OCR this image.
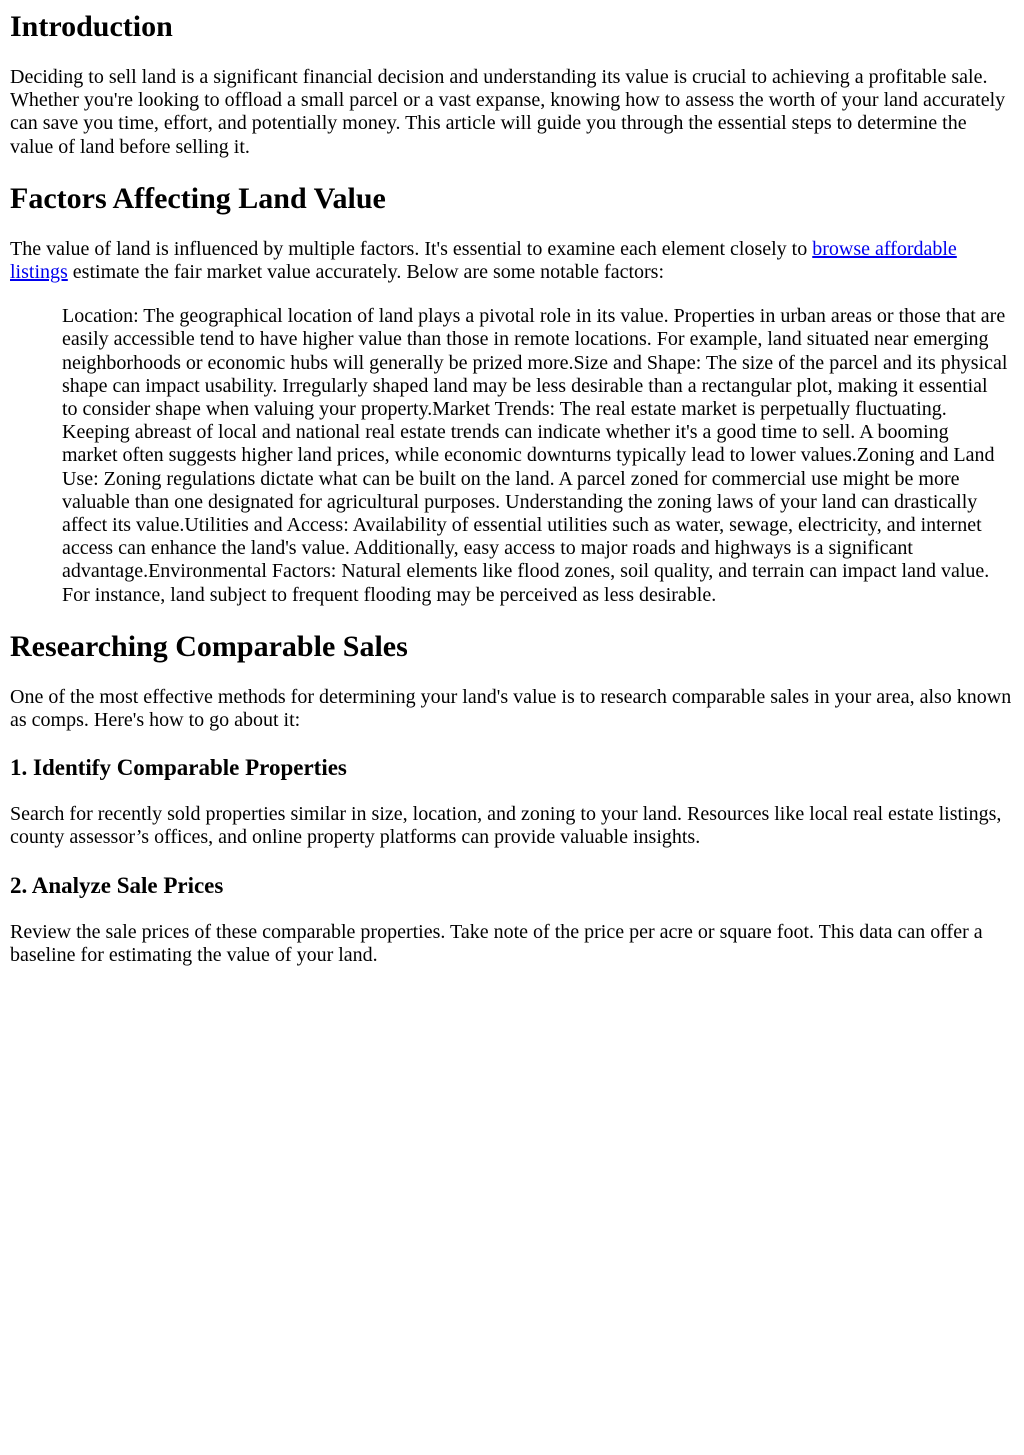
Introduction

Deciding to sell land is a significant financial decision and understanding its value is crucial to achieving a profitable sale. Whether you're looking to offload a small parcel or a vast expanse, knowing how to assess the worth of your land accurately can save you time, effort, and potentially money. This article will guide you through the essential steps to determine the value of land before selling it.

Factors Affecting Land Value

The value of land is influenced by multiple factors. It's essential to examine each element closely to browse affordable listings estimate the fair market value accurately. Below are some notable factors:

Location: The geographical location of land plays a pivotal role in its value. Properties in urban areas or those that are easily accessible tend to have higher value than those in remote locations. For example, land situated near emerging neighborhoods or economic hubs will generally be prized more.Size and Shape: The size of the parcel and its physical shape can impact usability. Irregularly shaped land may be less desirable than a rectangular plot, making it essential to consider shape when valuing your property.Market Trends: The real estate market is perpetually fluctuating. Keeping abreast of local and national real estate trends can indicate whether it's a good time to sell. A booming market often suggests higher land prices, while economic downturns typically lead to lower values.Zoning and Land Use: Zoning regulations dictate what can be built on the land. A parcel zoned for commercial use might be more valuable than one designated for agricultural purposes. Understanding the zoning laws of your land can drastically affect its value.Utilities and Access: Availability of essential utilities such as water, sewage, electricity, and internet access can enhance the land's value. Additionally, easy access to major roads and highways is a significant advantage.Environmental Factors: Natural elements like flood zones, soil quality, and terrain can impact land value. For instance, land subject to frequent flooding may be perceived as less desirable.
Researching Comparable Sales

One of the most effective methods for determining your land's value is to research comparable sales in your area, also known as comps. Here's how to go about it:

1. Identify Comparable Properties

Search for recently sold properties similar in size, location, and zoning to your land. Resources like local real estate listings, county assessor’s offices, and online property platforms can provide valuable insights.

2. Analyze Sale Prices

Review the sale prices of these comparable properties. Take note of the price per acre or square foot. This data can offer a baseline for estimating the value of your land.
